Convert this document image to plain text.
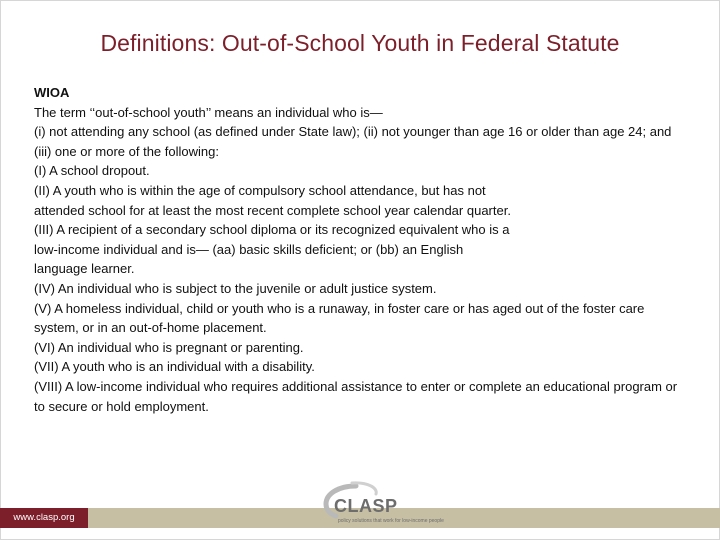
Definitions: Out-of-School Youth in Federal Statute
WIOA
The term ‘‘out-of-school youth’’ means an individual who is—
(i) not attending any school (as defined under State law); (ii) not younger than age 16 or older than age 24; and (iii) one or more of the following:
(I) A school dropout.
(II) A youth who is within the age of compulsory school attendance, but has not
attended school for at least the most recent complete school year calendar quarter.
(III) A recipient of a secondary school diploma or its recognized equivalent who is a
low-income individual and is— (aa) basic skills deficient; or (bb) an English
language learner.
(IV) An individual who is subject to the juvenile or adult justice system.
(V) A homeless individual, child or youth who is a runaway, in foster care or has aged out of the foster care system, or in an out-of-home placement.
(VI) An individual who is pregnant or parenting.
(VII) A youth who is an individual with a disability.
(VIII) A low-income individual who requires additional assistance to enter or complete an educational program or to secure or hold employment.
www.clasp.org
CLASP
policy solutions that work for low-income people
